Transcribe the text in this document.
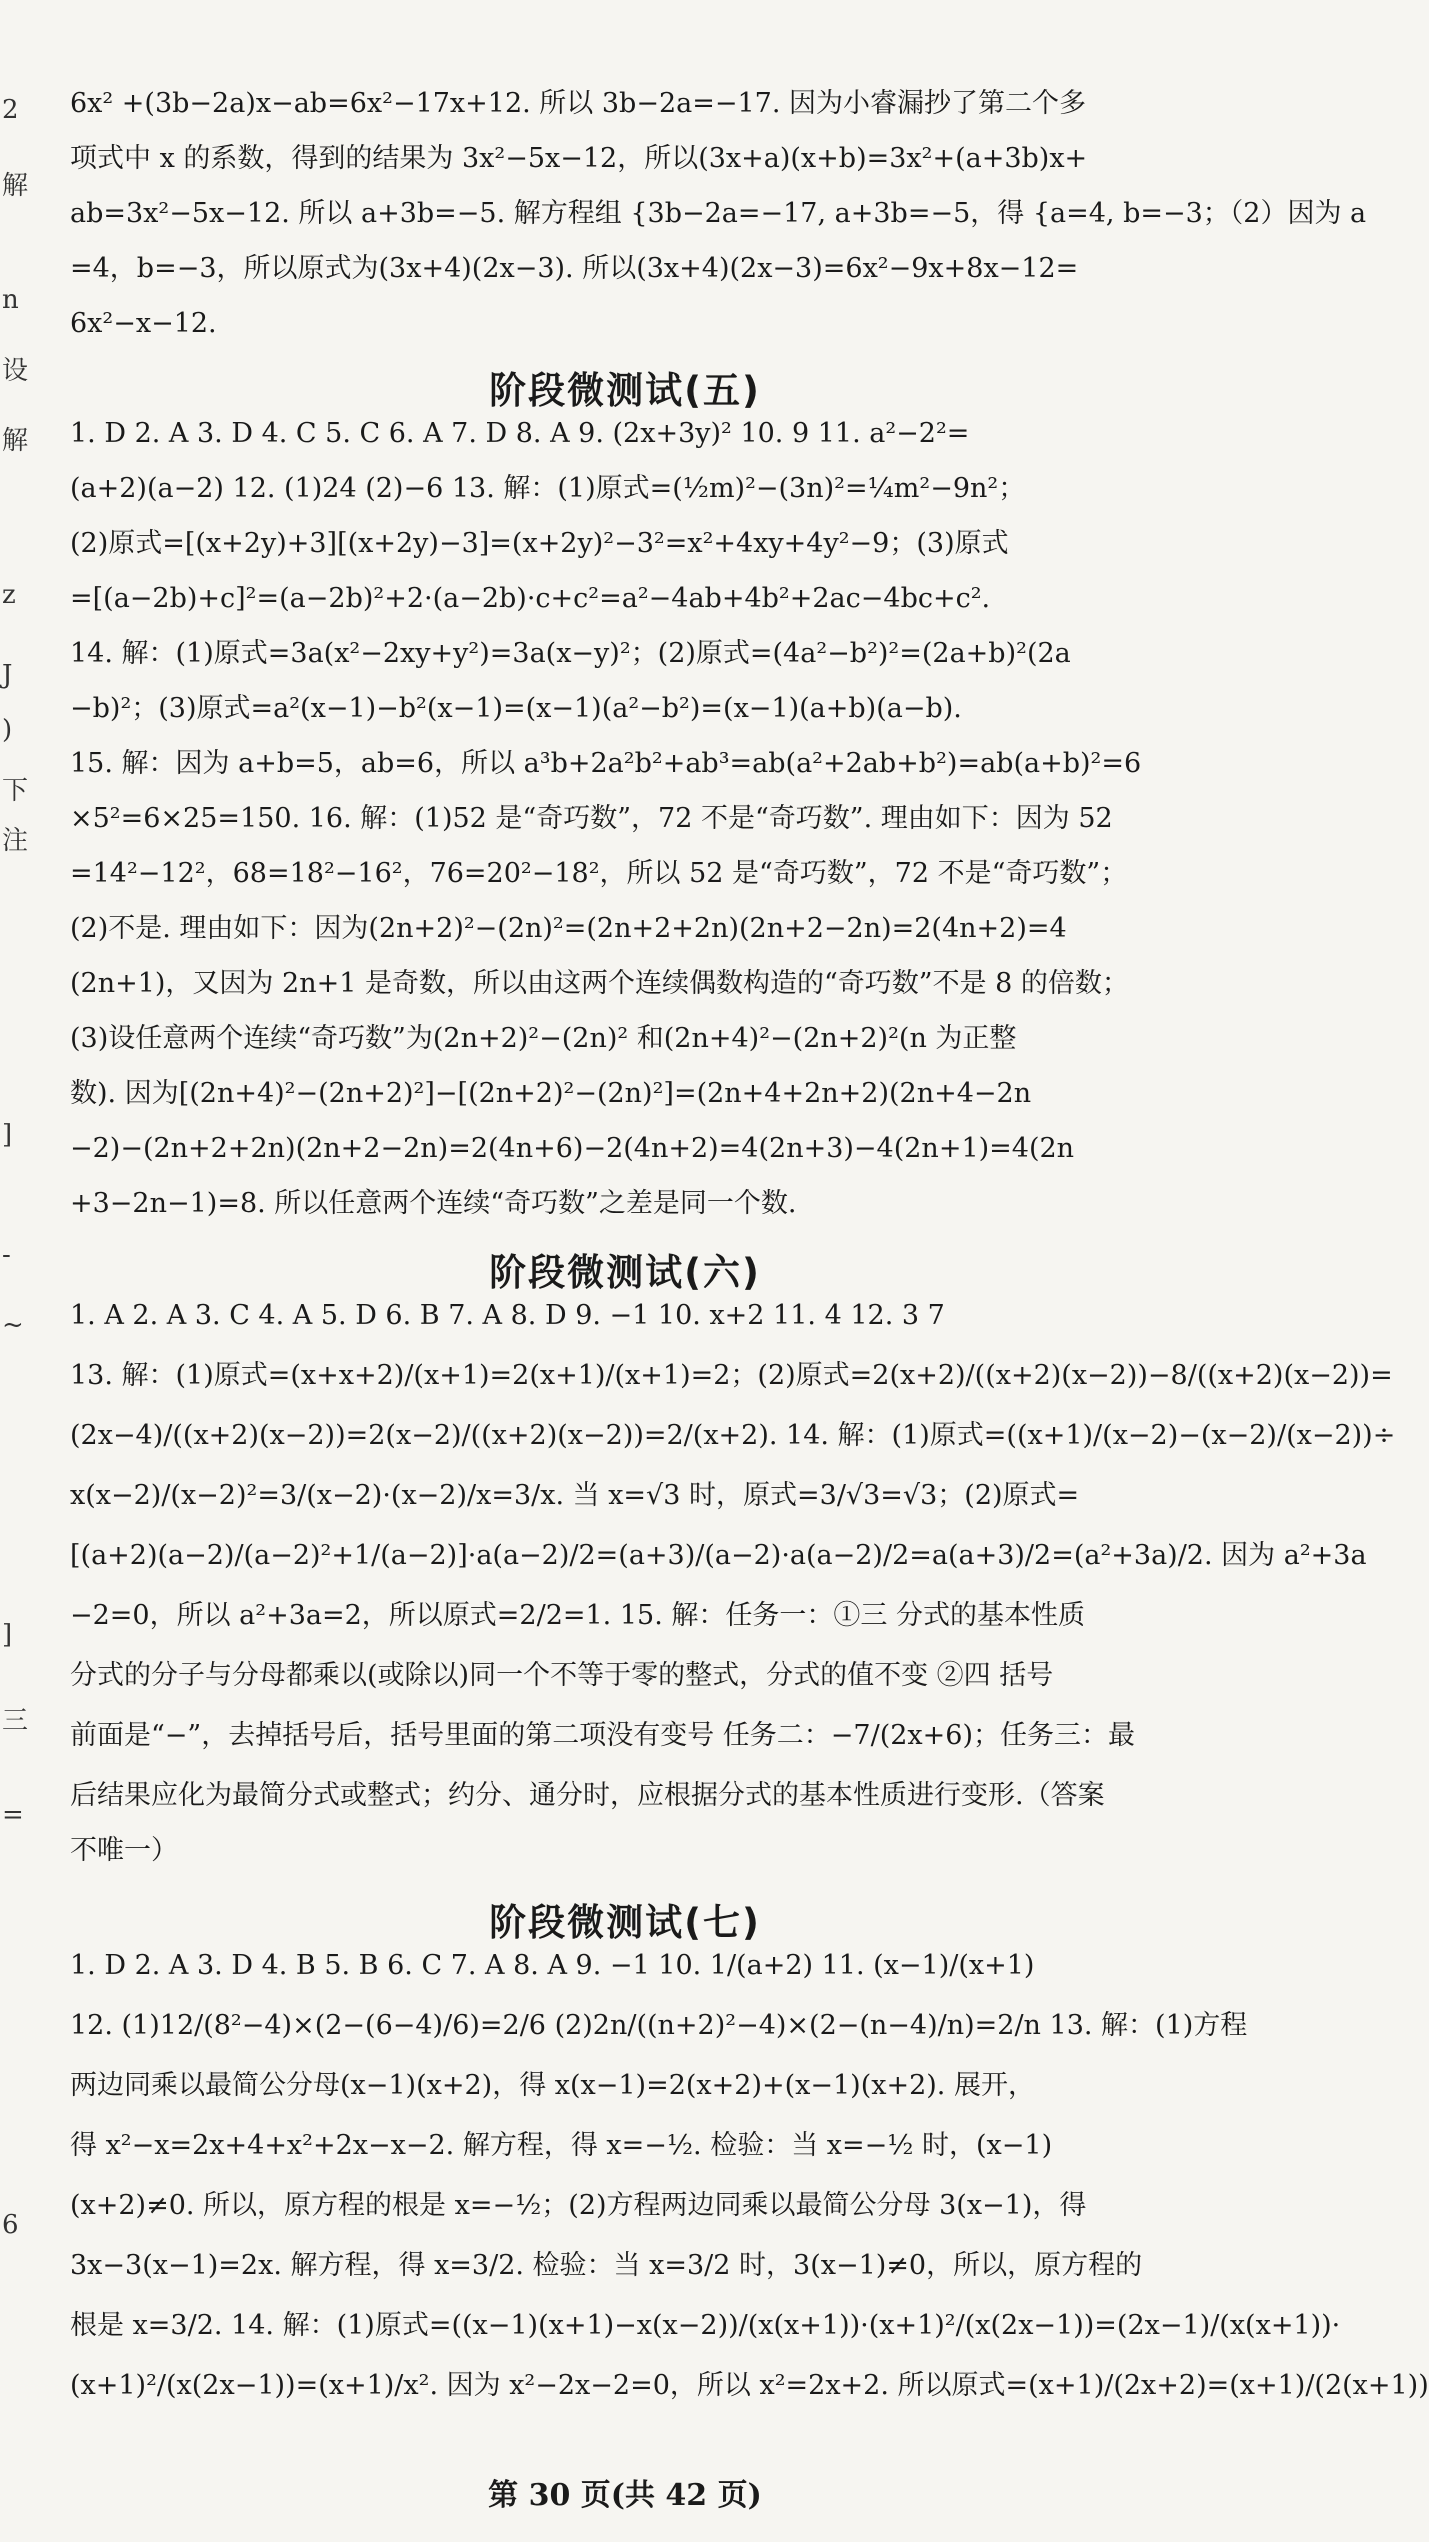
2
解
n
设
解
z
J
)
下
注
]
-
~
]
三
=
6
6x² +(3b−2a)x−ab=6x²−17x+12. 所以 3b−2a=−17. 因为小睿漏抄了第二个多
项式中 x 的系数，得到的结果为 3x²−5x−12，所以(3x+a)(x+b)=3x²+(a+3b)x+
ab=3x²−5x−12. 所以 a+3b=−5. 解方程组 {3b−2a=−17, a+3b=−5，得 {a=4, b=−3；（2）因为 a
=4，b=−3，所以原式为(3x+4)(2x−3). 所以(3x+4)(2x−3)=6x²−9x+8x−12=
6x²−x−12.
阶段微测试(五)
1. D 2. A 3. D 4. C 5. C 6. A 7. D 8. A 9. (2x+3y)² 10. 9 11. a²−2²=
(a+2)(a−2) 12. (1)24 (2)−6 13. 解：(1)原式=(½m)²−(3n)²=¼m²−9n²；
(2)原式=[(x+2y)+3][(x+2y)−3]=(x+2y)²−3²=x²+4xy+4y²−9；(3)原式
=[(a−2b)+c]²=(a−2b)²+2·(a−2b)·c+c²=a²−4ab+4b²+2ac−4bc+c².
14. 解：(1)原式=3a(x²−2xy+y²)=3a(x−y)²；(2)原式=(4a²−b²)²=(2a+b)²(2a
−b)²；(3)原式=a²(x−1)−b²(x−1)=(x−1)(a²−b²)=(x−1)(a+b)(a−b).
15. 解：因为 a+b=5，ab=6，所以 a³b+2a²b²+ab³=ab(a²+2ab+b²)=ab(a+b)²=6
×5²=6×25=150. 16. 解：(1)52 是“奇巧数”，72 不是“奇巧数”. 理由如下：因为 52
=14²−12²，68=18²−16²，76=20²−18²，所以 52 是“奇巧数”，72 不是“奇巧数”；
(2)不是. 理由如下：因为(2n+2)²−(2n)²=(2n+2+2n)(2n+2−2n)=2(4n+2)=4
(2n+1)，又因为 2n+1 是奇数，所以由这两个连续偶数构造的“奇巧数”不是 8 的倍数；
(3)设任意两个连续“奇巧数”为(2n+2)²−(2n)² 和(2n+4)²−(2n+2)²(n 为正整
数). 因为[(2n+4)²−(2n+2)²]−[(2n+2)²−(2n)²]=(2n+4+2n+2)(2n+4−2n
−2)−(2n+2+2n)(2n+2−2n)=2(4n+6)−2(4n+2)=4(2n+3)−4(2n+1)=4(2n
+3−2n−1)=8. 所以任意两个连续“奇巧数”之差是同一个数.
阶段微测试(六)
1. A 2. A 3. C 4. A 5. D 6. B 7. A 8. D 9. −1 10. x+2 11. 4 12. 3 7
13. 解：(1)原式=(x+x+2)/(x+1)=2(x+1)/(x+1)=2；(2)原式=2(x+2)/((x+2)(x−2))−8/((x+2)(x−2))=
(2x−4)/((x+2)(x−2))=2(x−2)/((x+2)(x−2))=2/(x+2). 14. 解：(1)原式=((x+1)/(x−2)−(x−2)/(x−2))÷
x(x−2)/(x−2)²=3/(x−2)·(x−2)/x=3/x. 当 x=√3 时，原式=3/√3=√3；(2)原式=
[(a+2)(a−2)/(a−2)²+1/(a−2)]·a(a−2)/2=(a+3)/(a−2)·a(a−2)/2=a(a+3)/2=(a²+3a)/2. 因为 a²+3a
−2=0，所以 a²+3a=2，所以原式=2/2=1. 15. 解：任务一：①三 分式的基本性质
分式的分子与分母都乘以(或除以)同一个不等于零的整式，分式的值不变 ②四 括号
前面是“−”，去掉括号后，括号里面的第二项没有变号 任务二：−7/(2x+6)；任务三：最
后结果应化为最简分式或整式；约分、通分时，应根据分式的基本性质进行变形.（答案
不唯一）
阶段微测试(七)
1. D 2. A 3. D 4. B 5. B 6. C 7. A 8. A 9. −1 10. 1/(a+2) 11. (x−1)/(x+1)
12. (1)12/(8²−4)×(2−(6−4)/6)=2/6 (2)2n/((n+2)²−4)×(2−(n−4)/n)=2/n 13. 解：(1)方程
两边同乘以最简公分母(x−1)(x+2)，得 x(x−1)=2(x+2)+(x−1)(x+2). 展开，
得 x²−x=2x+4+x²+2x−x−2. 解方程，得 x=−½. 检验：当 x=−½ 时，(x−1)
(x+2)≠0. 所以，原方程的根是 x=−½；(2)方程两边同乘以最简公分母 3(x−1)，得
3x−3(x−1)=2x. 解方程，得 x=3/2. 检验：当 x=3/2 时，3(x−1)≠0，所以，原方程的
根是 x=3/2. 14. 解：(1)原式=((x−1)(x+1)−x(x−2))/(x(x+1))·(x+1)²/(x(2x−1))=(2x−1)/(x(x+1))·
(x+1)²/(x(2x−1))=(x+1)/x². 因为 x²−2x−2=0，所以 x²=2x+2. 所以原式=(x+1)/(2x+2)=(x+1)/(2(x+1))
第 30 页(共 42 页)
